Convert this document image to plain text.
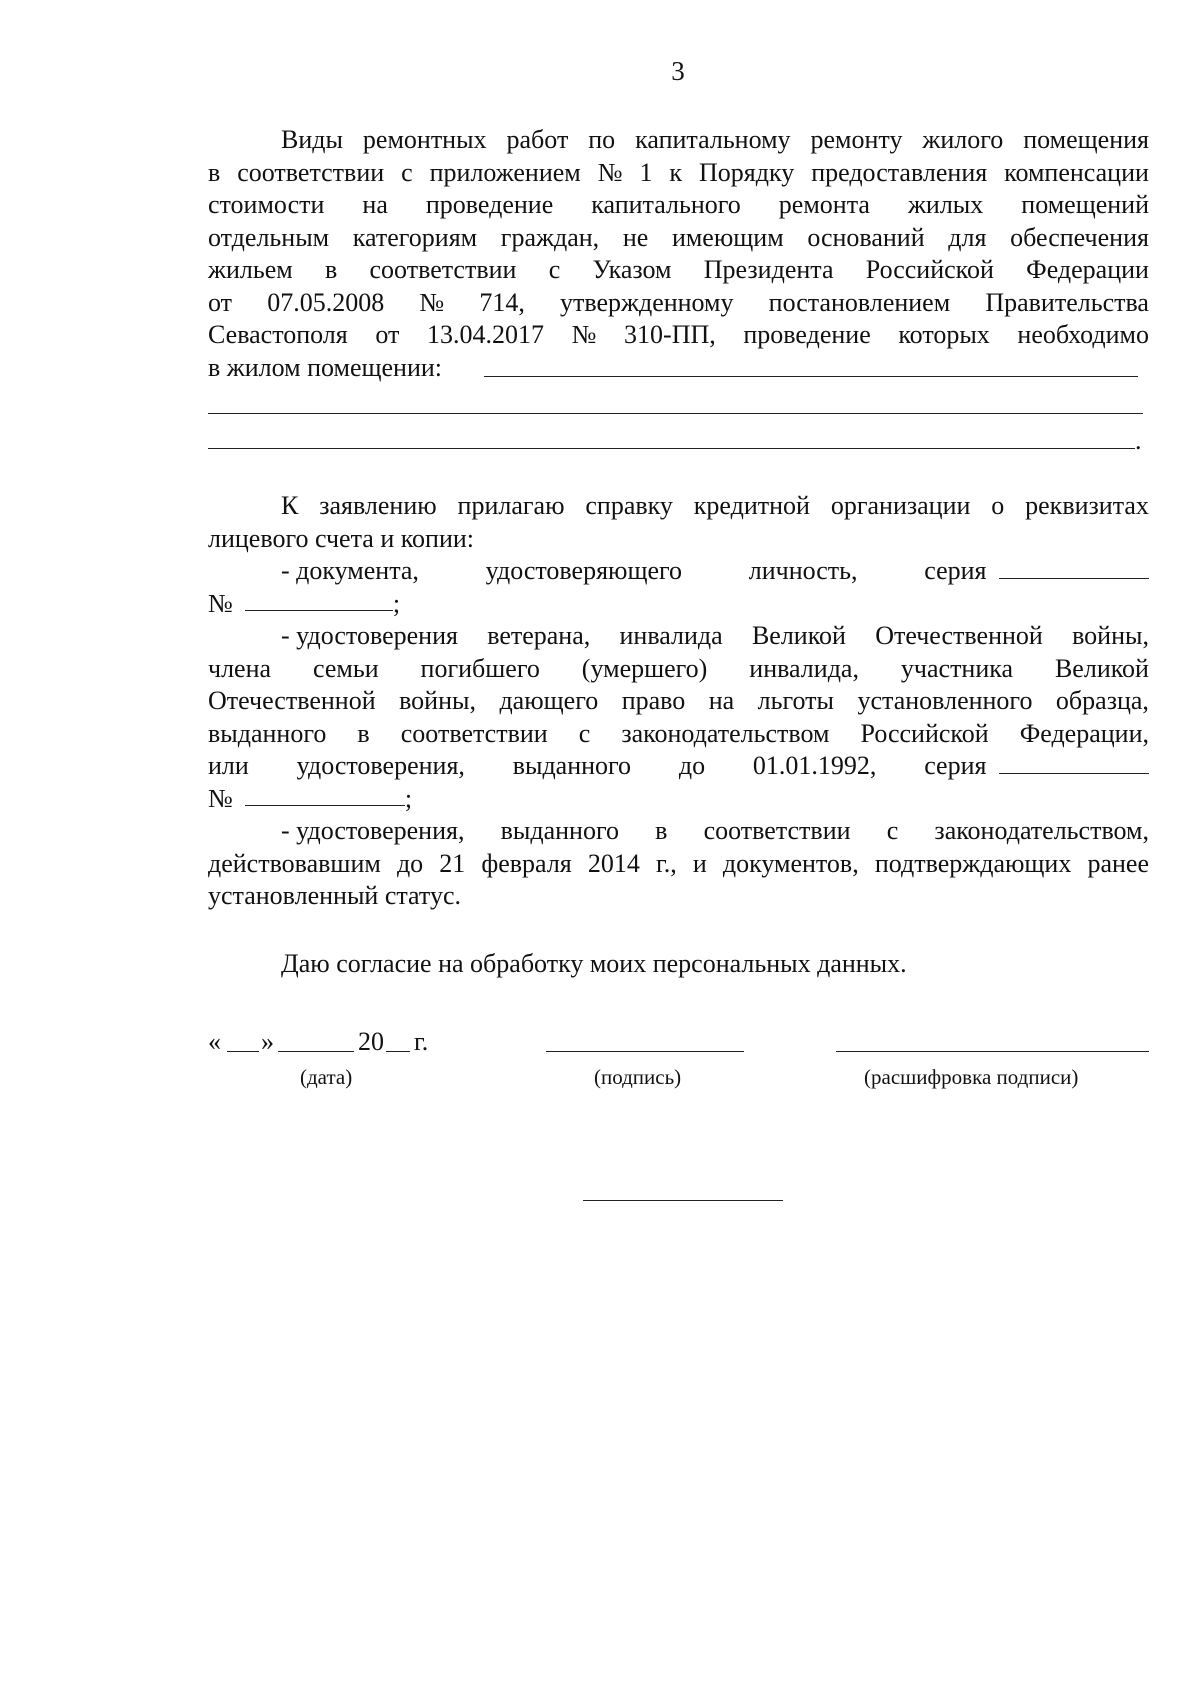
3
Виды ремонтных работ по капитальному ремонту жилого помещения
в соответствии с приложением № 1 к Порядку предоставления компенсации
стоимости на проведение капитального ремонта жилых помещений
отдельным категориям граждан, не имеющим оснований для обеспечения
жильем в соответствии с Указом Президента Российской Федерации
от 07.05.2008 № 714, утвержденному постановлением Правительства
Севастополя от 13.04.2017 № 310-ПП, проведение которых необходимо
в жилом помещении:
.
К заявлению прилагаю справку кредитной организации о реквизитах
лицевого счета и копии:
- документа,	удостоверяющего	личность,	серия
№	;
- удостоверения ветерана, инвалида Великой Отечественной войны,
члена семьи погибшего (умершего) инвалида, участника Великой
Отечественной войны, дающего право на льготы установленного образца,
выданного в соответствии с законодательством Российской Федерации,
или удостоверения, выданного до 01.01.1992, серия
№	;
- удостоверения, выданного в соответствии с законодательством,
действовавшим до 21 февраля 2014 г., и документов, подтверждающих ранее
установленный статус.
Даю согласие на обработку моих персональных данных.
« »	20 г.
(дата)	(подпись)	(расшифровка подписи)
